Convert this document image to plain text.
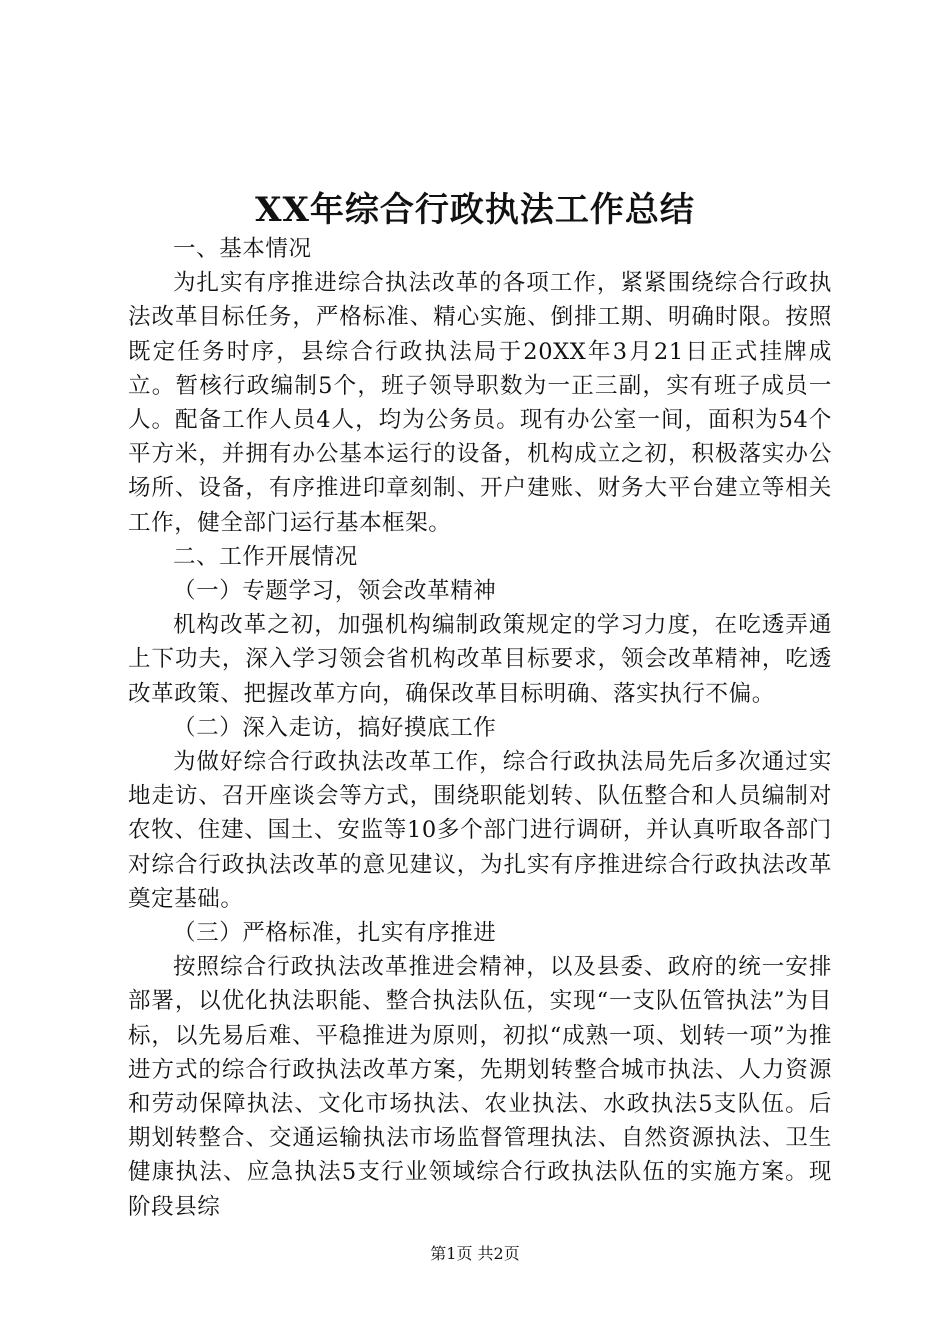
XX年综合行政执法工作总结
一、基本情况
为扎实有序推进综合执法改革的各项工作，紧紧围绕综合行政执法改革目标任务，严格标准、精心实施、倒排工期、明确时限。按照既定任务时序，县综合行政执法局于20XX年3月21日正式挂牌成立。暂核行政编制5个，班子领导职数为一正三副，实有班子成员一人。配备工作人员4人，均为公务员。现有办公室一间，面积为54个平方米，并拥有办公基本运行的设备，机构成立之初，积极落实办公场所、设备，有序推进印章刻制、开户建账、财务大平台建立等相关工作，健全部门运行基本框架。
二、工作开展情况
（一）专题学习，领会改革精神
机构改革之初，加强机构编制政策规定的学习力度，在吃透弄通上下功夫，深入学习领会省机构改革目标要求，领会改革精神，吃透改革政策、把握改革方向，确保改革目标明确、落实执行不偏。
（二）深入走访，搞好摸底工作
为做好综合行政执法改革工作，综合行政执法局先后多次通过实地走访、召开座谈会等方式，围绕职能划转、队伍整合和人员编制对农牧、住建、国土、安监等10多个部门进行调研，并认真听取各部门对综合行政执法改革的意见建议，为扎实有序推进综合行政执法改革奠定基础。
（三）严格标准，扎实有序推进
按照综合行政执法改革推进会精神，以及县委、政府的统一安排部署，以优化执法职能、整合执法队伍，实现“一支队伍管执法”为目标，以先易后难、平稳推进为原则，初拟“成熟一项、划转一项”为推进方式的综合行政执法改革方案，先期划转整合城市执法、人力资源和劳动保障执法、文化市场执法、农业执法、水政执法5支队伍。后期划转整合、交通运输执法市场监督管理执法、自然资源执法、卫生健康执法、应急执法5支行业领域综合行政执法队伍的实施方案。现阶段县综
第1页 共2页
